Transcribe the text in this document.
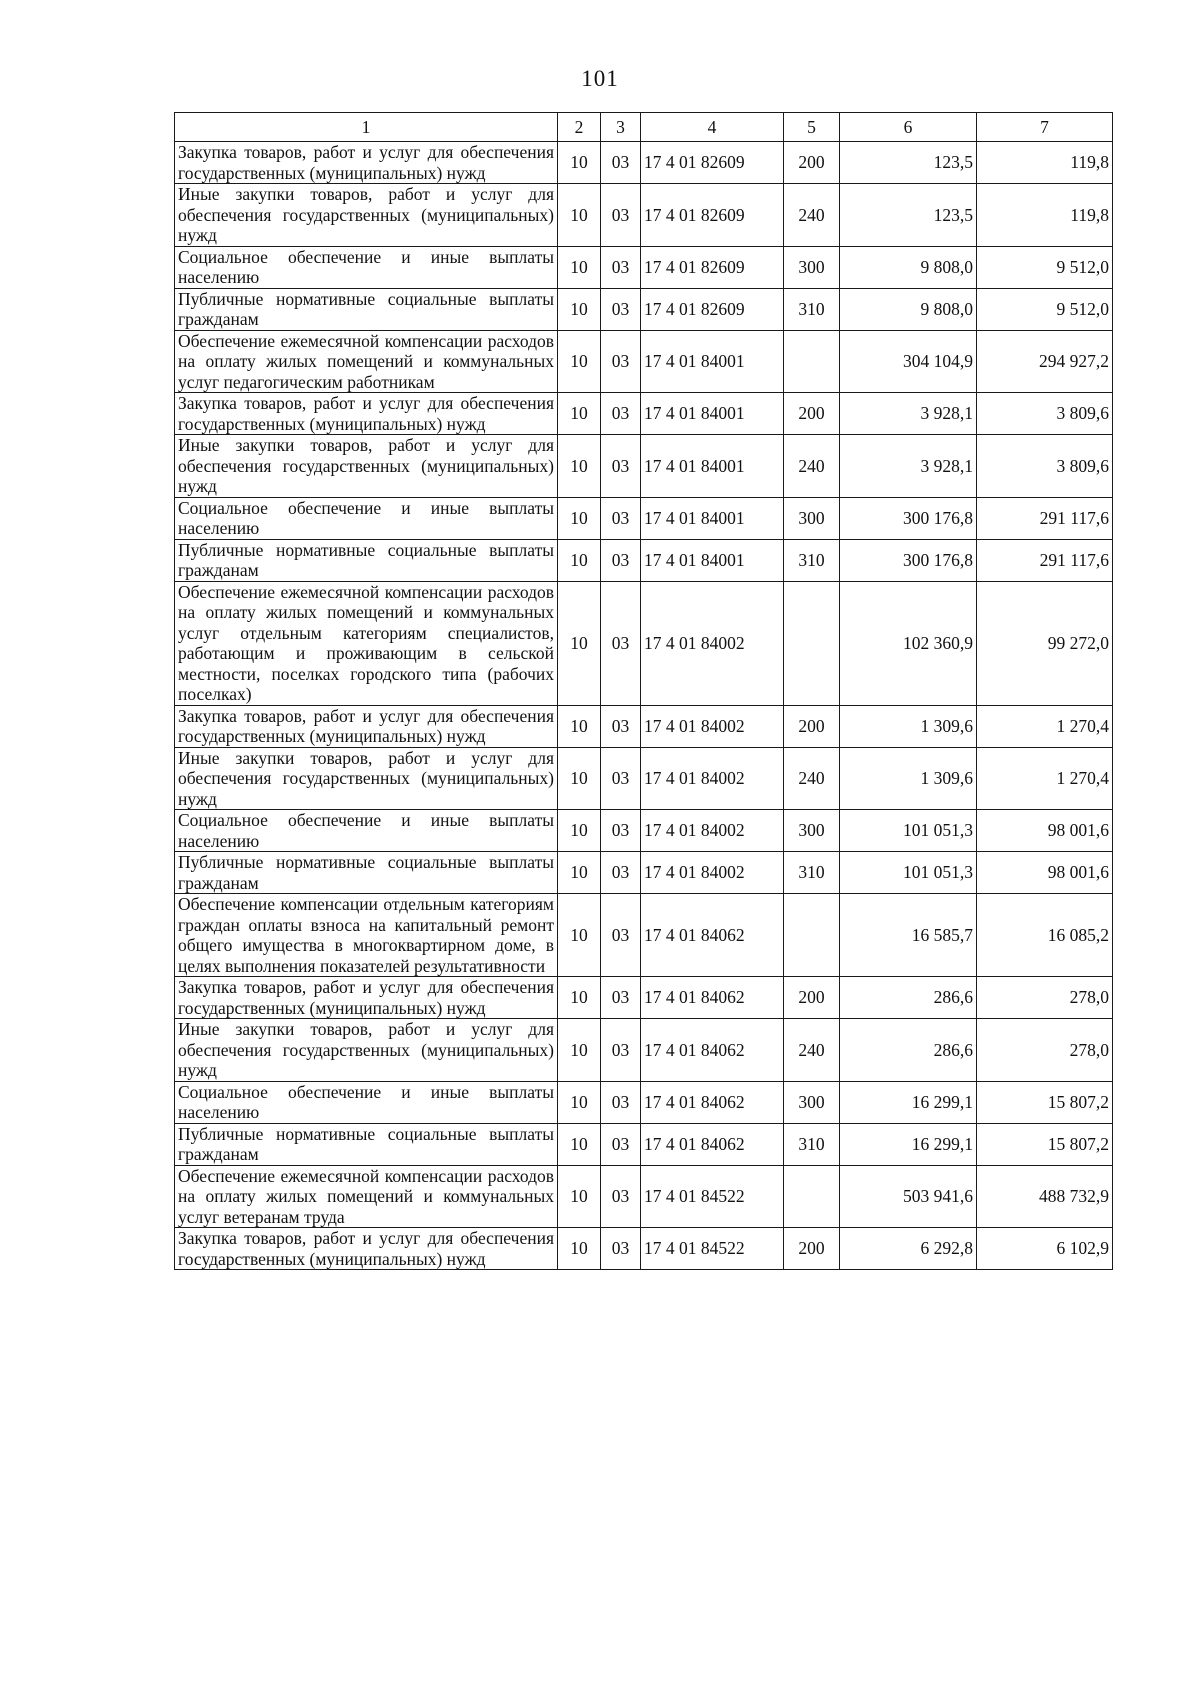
101
1	2	3	4	5	6	7
Закупка товаров, работ и услуг для обеспечения государственных (муниципальных) нужд	10	03	17 4 01 82609	200	123,5	119,8
Иные закупки товаров, работ и услуг для обеспечения государственных (муниципальных) нужд	10	03	17 4 01 82609	240	123,5	119,8
Социальное обеспечение и иные выплаты населению	10	03	17 4 01 82609	300	9 808,0	9 512,0
Публичные нормативные социальные выплаты гражданам	10	03	17 4 01 82609	310	9 808,0	9 512,0
Обеспечение ежемесячной компенсации расходов на оплату жилых помещений и коммунальных услуг педагогическим работникам	10	03	17 4 01 84001		304 104,9	294 927,2
Закупка товаров, работ и услуг для обеспечения государственных (муниципальных) нужд	10	03	17 4 01 84001	200	3 928,1	3 809,6
Иные закупки товаров, работ и услуг для обеспечения государственных (муниципальных) нужд	10	03	17 4 01 84001	240	3 928,1	3 809,6
Социальное обеспечение и иные выплаты населению	10	03	17 4 01 84001	300	300 176,8	291 117,6
Публичные нормативные социальные выплаты гражданам	10	03	17 4 01 84001	310	300 176,8	291 117,6
Обеспечение ежемесячной компенсации расходов на оплату жилых помещений и коммунальных услуг отдельным категориям специалистов, работающим и проживающим в сельской местности, поселках городского типа (рабочих поселках)	10	03	17 4 01 84002		102 360,9	99 272,0
Закупка товаров, работ и услуг для обеспечения государственных (муниципальных) нужд	10	03	17 4 01 84002	200	1 309,6	1 270,4
Иные закупки товаров, работ и услуг для обеспечения государственных (муниципальных) нужд	10	03	17 4 01 84002	240	1 309,6	1 270,4
Социальное обеспечение и иные выплаты населению	10	03	17 4 01 84002	300	101 051,3	98 001,6
Публичные нормативные социальные выплаты гражданам	10	03	17 4 01 84002	310	101 051,3	98 001,6
Обеспечение компенсации отдельным категориям граждан оплаты взноса на капитальный ремонт общего имущества в многоквартирном доме, в целях выполнения показателей результативности	10	03	17 4 01 84062		16 585,7	16 085,2
Закупка товаров, работ и услуг для обеспечения государственных (муниципальных) нужд	10	03	17 4 01 84062	200	286,6	278,0
Иные закупки товаров, работ и услуг для обеспечения государственных (муниципальных) нужд	10	03	17 4 01 84062	240	286,6	278,0
Социальное обеспечение и иные выплаты населению	10	03	17 4 01 84062	300	16 299,1	15 807,2
Публичные нормативные социальные выплаты гражданам	10	03	17 4 01 84062	310	16 299,1	15 807,2
Обеспечение ежемесячной компенсации расходов на оплату жилых помещений и коммунальных услуг ветеранам труда	10	03	17 4 01 84522		503 941,6	488 732,9
Закупка товаров, работ и услуг для обеспечения государственных (муниципальных) нужд	10	03	17 4 01 84522	200	6 292,8	6 102,9
